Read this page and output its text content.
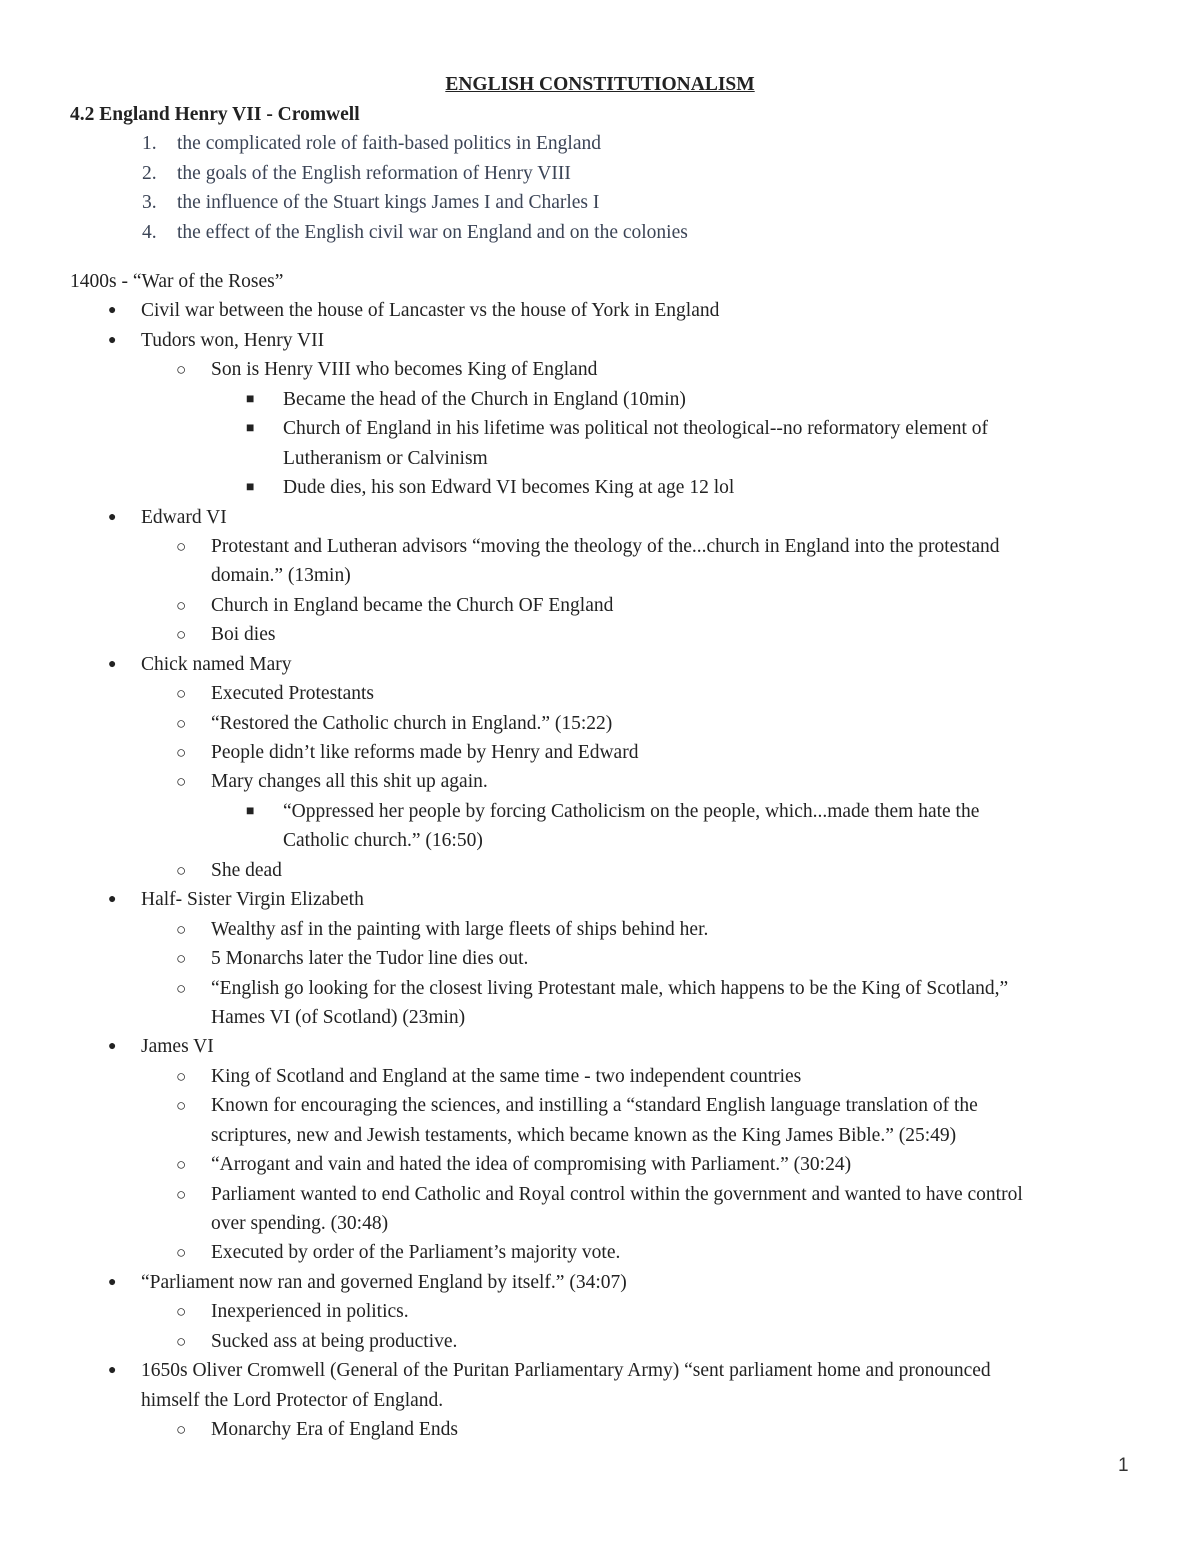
ENGLISH CONSTITUTIONALISM
4.2 England Henry VII - Cromwell
1. the complicated role of faith-based politics in England
2. the goals of the English reformation of Henry VIII
3. the influence of the Stuart kings James I and Charles I
4. the effect of the English civil war on England and on the colonies
1400s - “War of the Roses”
● Civil war between the house of Lancaster vs the house of York in England
● Tudors won, Henry VII
○ Son is Henry VIII who becomes King of England
■ Became the head of the Church in England (10min)
■ Church of England in his lifetime was political not theological--no reformatory element of
Lutheranism or Calvinism
■ Dude dies, his son Edward VI becomes King at age 12 lol
● Edward VI
○ Protestant and Lutheran advisors “moving the theology of the...church in England into the protestand
domain.” (13min)
○ Church in England became the Church OF England
○ Boi dies
● Chick named Mary
○ Executed Protestants
○ “Restored the Catholic church in England.” (15:22)
○ People didn’t like reforms made by Henry and Edward
○ Mary changes all this shit up again.
■ “Oppressed her people by forcing Catholicism on the people, which...made them hate the
Catholic church.” (16:50)
○ She dead
● Half- Sister Virgin Elizabeth
○ Wealthy asf in the painting with large fleets of ships behind her.
○ 5 Monarchs later the Tudor line dies out.
○ “English go looking for the closest living Protestant male, which happens to be the King of Scotland,”
Hames VI (of Scotland) (23min)
● James VI
○ King of Scotland and England at the same time - two independent countries
○ Known for encouraging the sciences, and instilling a “standard English language translation of the
scriptures, new and Jewish testaments, which became known as the King James Bible.” (25:49)
○ “Arrogant and vain and hated the idea of compromising with Parliament.” (30:24)
○ Parliament wanted to end Catholic and Royal control within the government and wanted to have control
over spending. (30:48)
○ Executed by order of the Parliament’s majority vote.
● “Parliament now ran and governed England by itself.” (34:07)
○ Inexperienced in politics.
○ Sucked ass at being productive.
● 1650s Oliver Cromwell (General of the Puritan Parliamentary Army) “sent parliament home and pronounced
himself the Lord Protector of England.
○ Monarchy Era of England Ends
1
